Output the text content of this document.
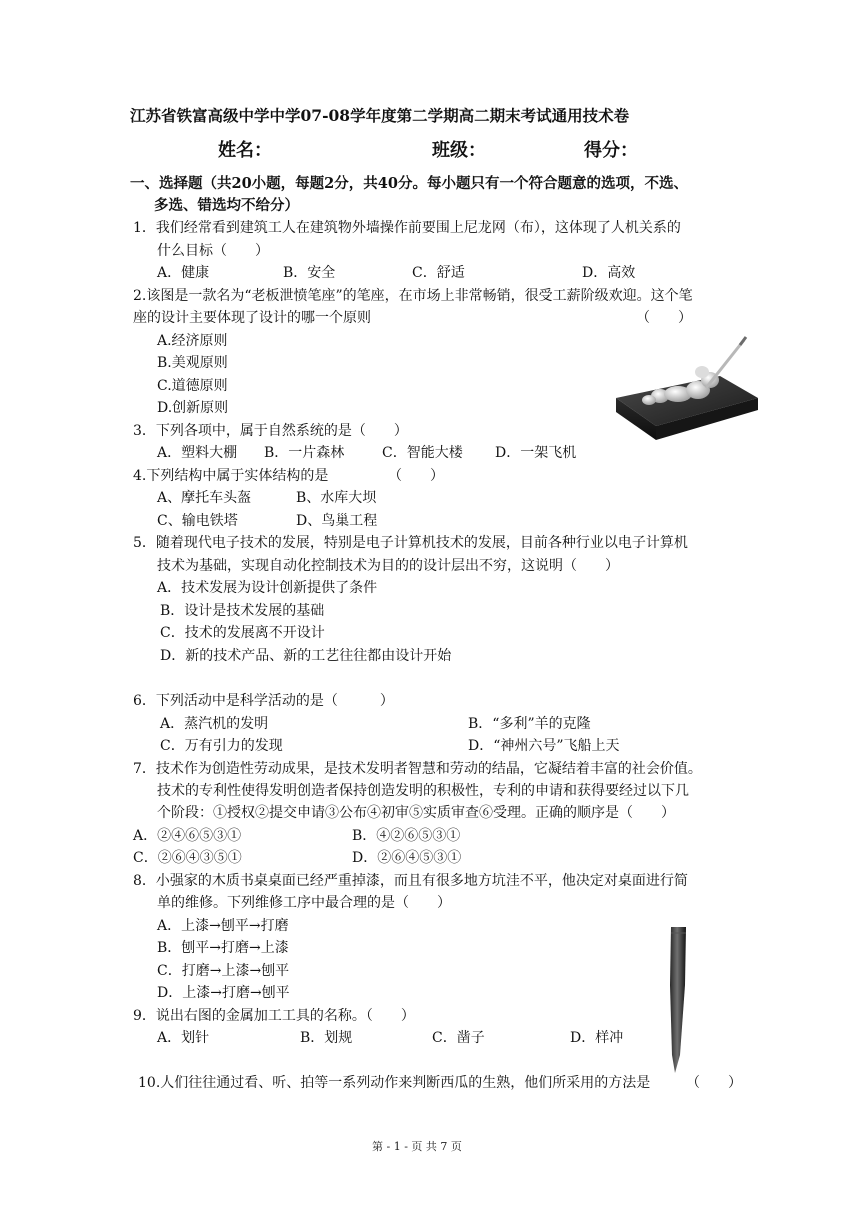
江苏省铁富高级中学中学07-08学年度第二学期高二期末考试通用技术卷
姓名：	班级：	得分：
一、选择题（共20小题，每题2分，共40分。每小题只有一个符合题意的选项，不选、
多选、错选均不给分）
1．我们经常看到建筑工人在建筑物外墙操作前要围上尼龙网（布），这体现了人机关系的
什么目标（　　）
A．健康	B．安全	C．舒适	D．高效
2.该图是一款名为“老板泄愤笔座”的笔座，在市场上非常畅销，很受工薪阶级欢迎。这个笔
座的设计主要体现了设计的哪一个原则	（　　）
A.经济原则
B.美观原则
C.道德原则
D.创新原则
3．下列各项中，属于自然系统的是（　　）
A．塑料大棚 B．一片森林	C．智能大楼 D．一架飞机
4.下列结构中属于实体结构的是	（　　）
A、摩托车头盔	B、水库大坝
C、输电铁塔	D、鸟巢工程
5．随着现代电子技术的发展，特别是电子计算机技术的发展，目前各种行业以电子计算机
技术为基础，实现自动化控制技术为目的的设计层出不穷，这说明（　　）
A．技术发展为设计创新提供了条件
B．设计是技术发展的基础
C．技术的发展离不开设计
D．新的技术产品、新的工艺往往都由设计开始
6．下列活动中是科学活动的是（　　　）
A．蒸汽机的发明	B．“多利”羊的克隆
C．万有引力的发现	D．“神州六号”飞船上天
7．技术作为创造性劳动成果，是技术发明者智慧和劳动的结晶，它凝结着丰富的社会价值。
技术的专利性使得发明创造者保持创造发明的积极性，专利的申请和获得要经过以下几
个阶段：①授权②提交申请③公布④初审⑤实质审查⑥受理。正确的顺序是（　　）
A．②④⑥⑤③①	B．④②⑥⑤③①
C．②⑥④③⑤①	D．②⑥④⑤③①
8．小强家的木质书桌桌面已经严重掉漆，而且有很多地方坑洼不平，他决定对桌面进行简
单的维修。下列维修工序中最合理的是（　　）
A．上漆→刨平→打磨
B．刨平→打磨→上漆
C．打磨→上漆→刨平
D．上漆→打磨→刨平
9．说出右图的金属加工工具的名称。（　　）
A．划针	B．划规	C．凿子	D．样冲
10.人们往往通过看、听、拍等一系列动作来判断西瓜的生熟，他们所采用的方法是	（　　）
第 - 1 - 页 共 7 页
